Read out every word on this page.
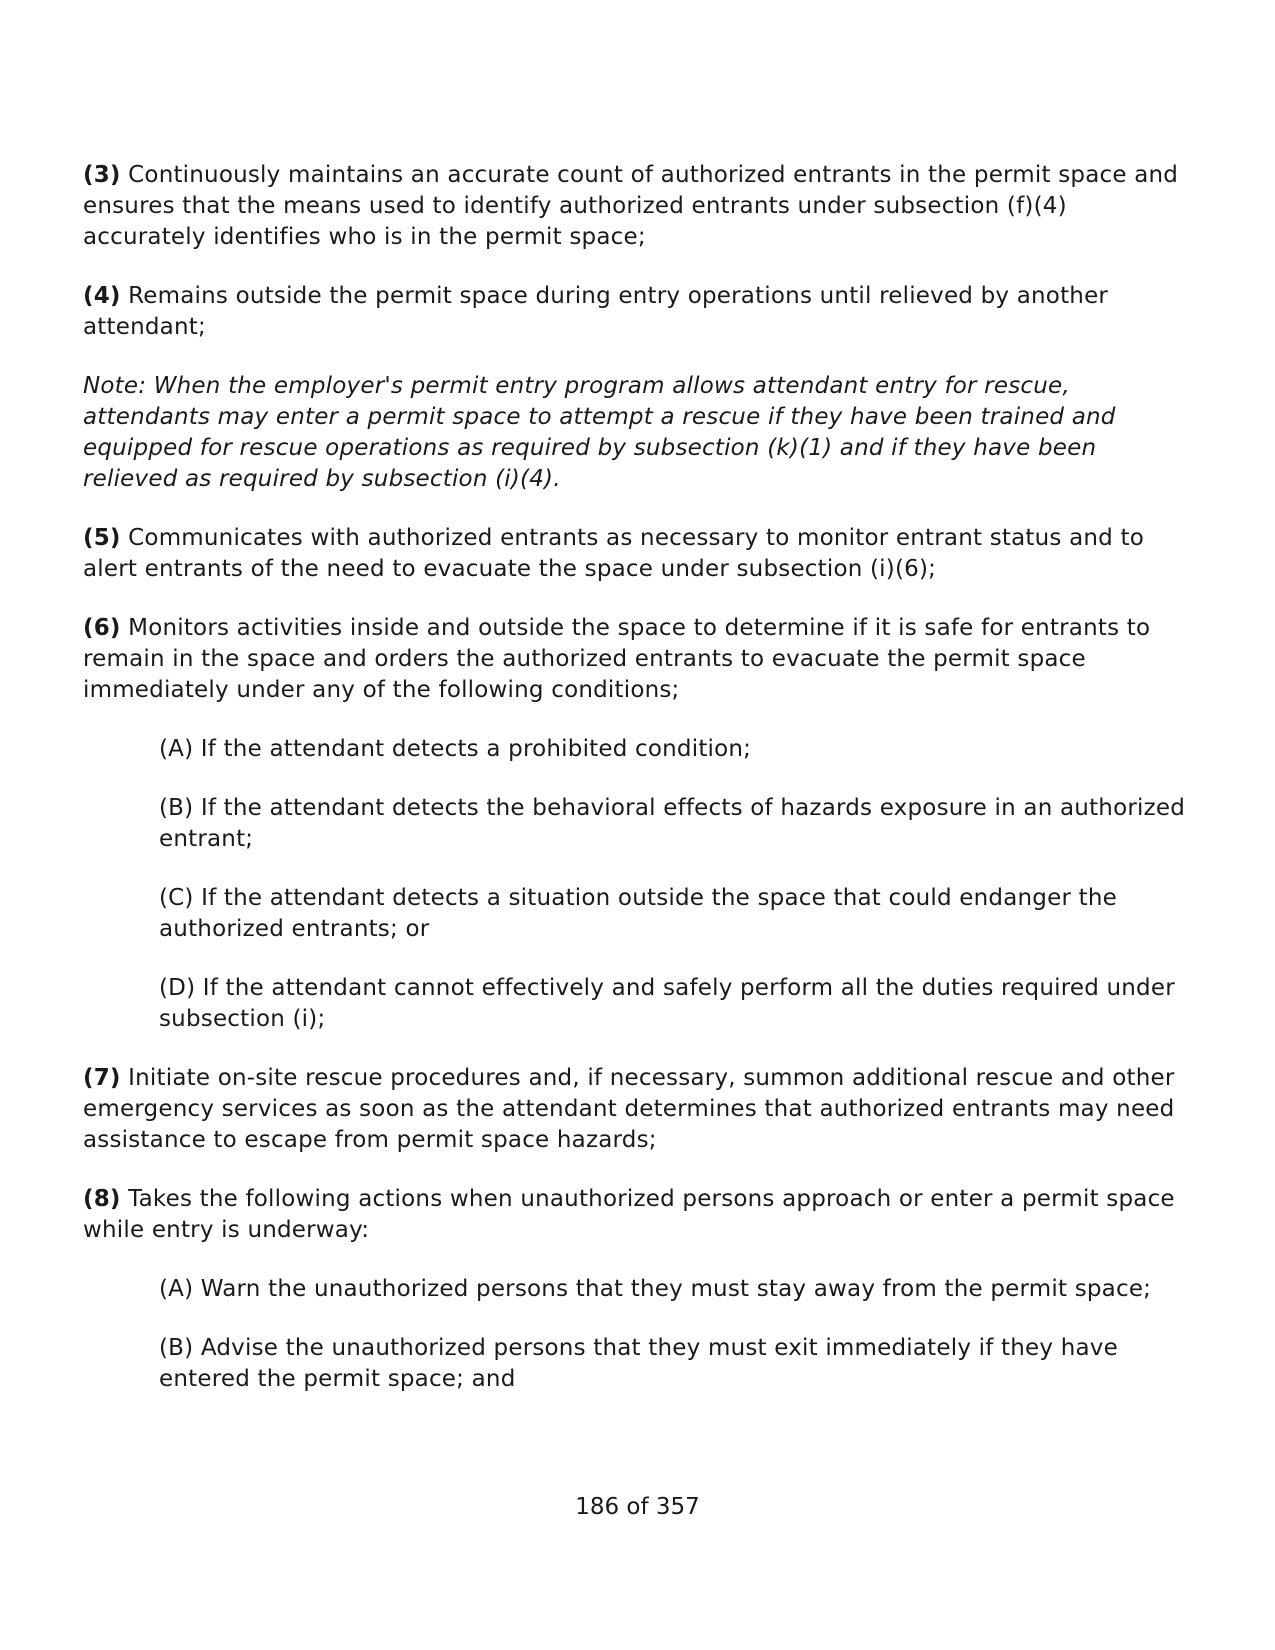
(3) Continuously maintains an accurate count of authorized entrants in the permit space and ensures that the means used to identify authorized entrants under subsection (f)(4) accurately identifies who is in the permit space;

(4) Remains outside the permit space during entry operations until relieved by another attendant;

Note: When the employer's permit entry program allows attendant entry for rescue, attendants may enter a permit space to attempt a rescue if they have been trained and equipped for rescue operations as required by subsection (k)(1) and if they have been relieved as required by subsection (i)(4).

(5) Communicates with authorized entrants as necessary to monitor entrant status and to alert entrants of the need to evacuate the space under subsection (i)(6);

(6) Monitors activities inside and outside the space to determine if it is safe for entrants to remain in the space and orders the authorized entrants to evacuate the permit space immediately under any of the following conditions;

(A) If the attendant detects a prohibited condition;

(B) If the attendant detects the behavioral effects of hazards exposure in an authorized entrant;

(C) If the attendant detects a situation outside the space that could endanger the authorized entrants; or

(D) If the attendant cannot effectively and safely perform all the duties required under subsection (i);

(7) Initiate on-site rescue procedures and, if necessary, summon additional rescue and other emergency services as soon as the attendant determines that authorized entrants may need assistance to escape from permit space hazards;

(8) Takes the following actions when unauthorized persons approach or enter a permit space while entry is underway:

(A) Warn the unauthorized persons that they must stay away from the permit space;

(B) Advise the unauthorized persons that they must exit immediately if they have entered the permit space; and

186 of 357
